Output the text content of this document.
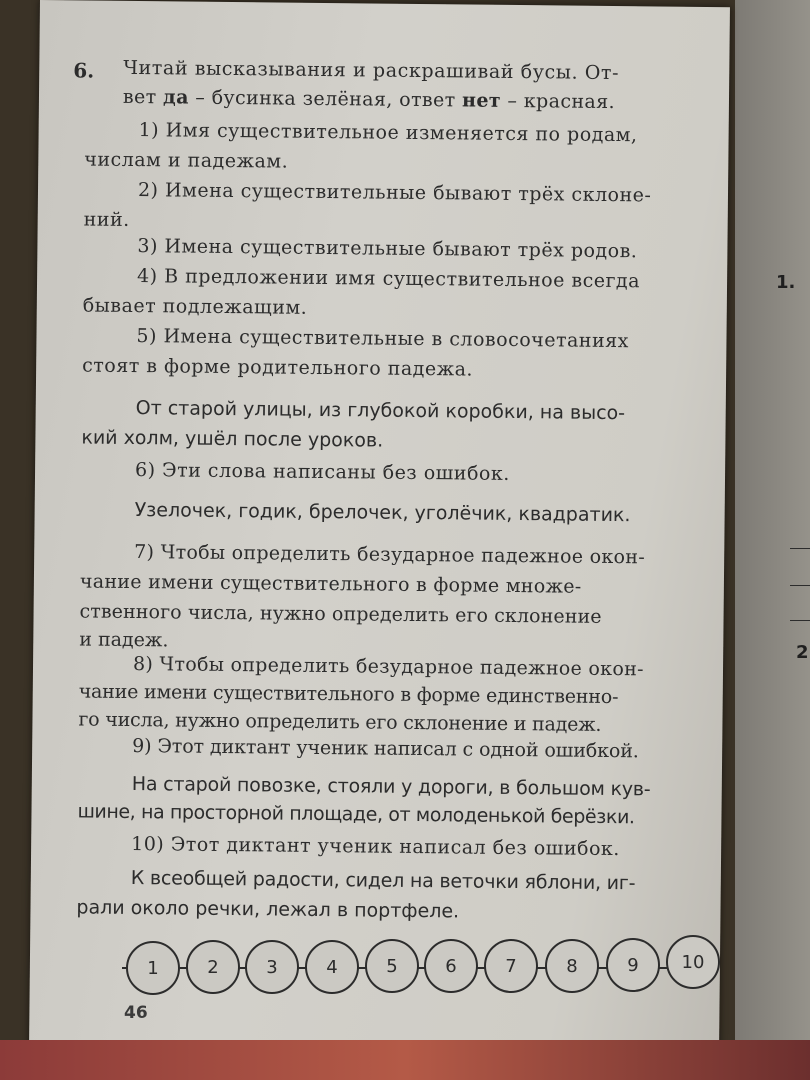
6. Читай высказывания и раскрашивай бусы. От-
вет да – бусинка зелёная, ответ нет – красная.
1) Имя существительное изменяется по родам,
числам и падежам.
2) Имена существительные бывают трёх склоне-
ний.
3) Имена существительные бывают трёх родов.
4) В предложении имя существительное всегда
бывает подлежащим.
5) Имена существительные в словосочетаниях
стоят в форме родительного падежа.
От старой улицы, из глубокой коробки, на высо-
кий холм, ушёл после уроков.
6) Эти слова написаны без ошибок.
Узелочек, годик, брелочек, уголёчик, квадратик.
7) Чтобы определить безударное падежное окон-
чание имени существительного в форме множе-
ственного числа, нужно определить его склонение
и падеж.
8) Чтобы определить безударное падежное окон-
чание имени существительного в форме единственно-
го числа, нужно определить его склонение и падеж.
9) Этот диктант ученик написал с одной ошибкой.
На старой повозке, стояли у дороги, в большом кув-
шине, на просторной площаде, от молоденькой берёзки.
10) Этот диктант ученик написал без ошибок.
К всеобщей радости, сидел на веточки яблони, иг-
рали около речки, лежал в портфеле.
1	2	3	4	5	6	7	8	9	10
46
1.
2
